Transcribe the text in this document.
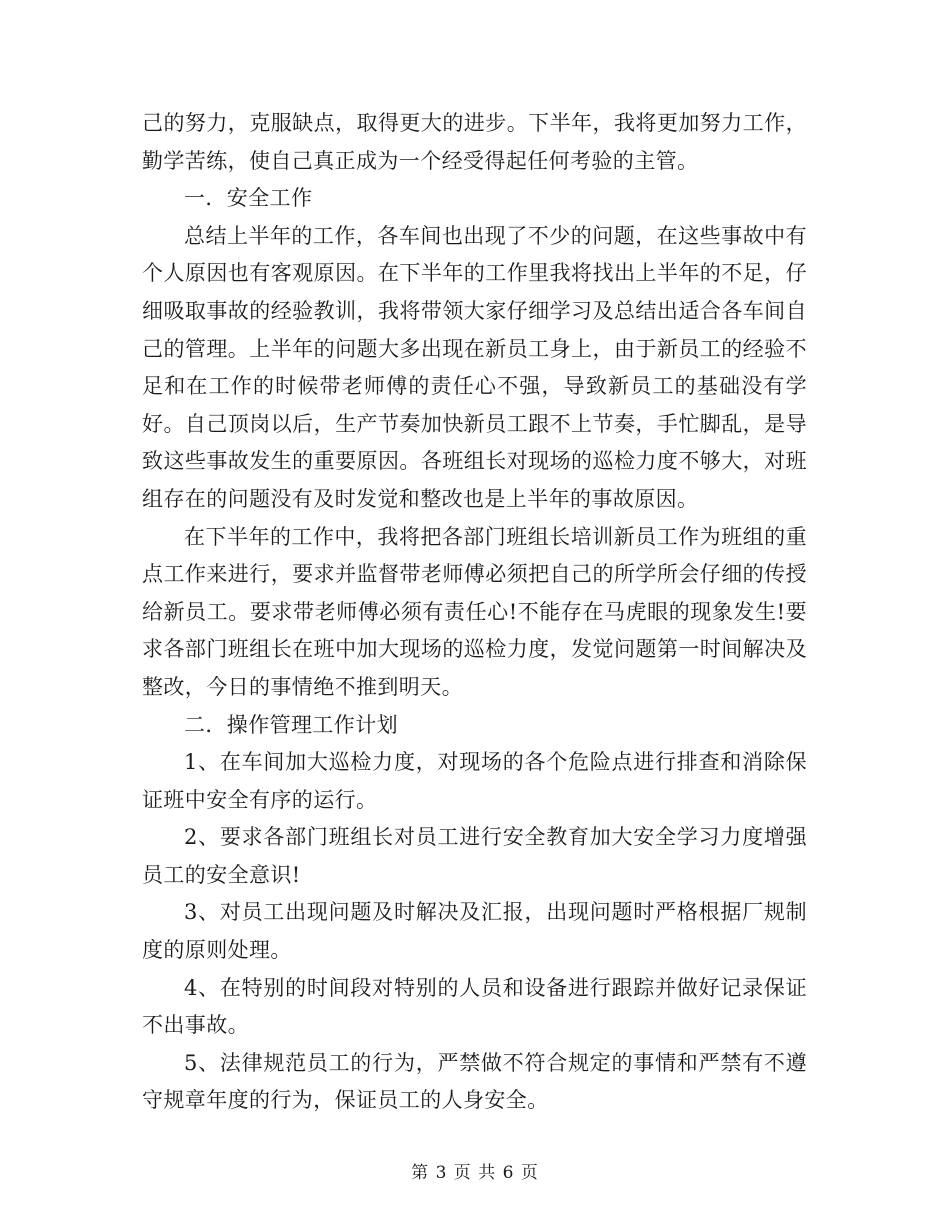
己的努力，克服缺点，取得更大的进步。下半年，我将更加努力工作，勤学苦练，使自己真正成为一个经受得起任何考验的主管。

一．安全工作

总结上半年的工作，各车间也出现了不少的问题，在这些事故中有个人原因也有客观原因。在下半年的工作里我将找出上半年的不足，仔细吸取事故的经验教训，我将带领大家仔细学习及总结出适合各车间自己的管理。上半年的问题大多出现在新员工身上，由于新员工的经验不足和在工作的时候带老师傅的责任心不强，导致新员工的基础没有学好。自己顶岗以后，生产节奏加快新员工跟不上节奏，手忙脚乱，是导致这些事故发生的重要原因。各班组长对现场的巡检力度不够大，对班组存在的问题没有及时发觉和整改也是上半年的事故原因。

在下半年的工作中，我将把各部门班组长培训新员工作为班组的重点工作来进行，要求并监督带老师傅必须把自己的所学所会仔细的传授给新员工。要求带老师傅必须有责任心!不能存在马虎眼的现象发生!要求各部门班组长在班中加大现场的巡检力度，发觉问题第一时间解决及整改，今日的事情绝不推到明天。

二．操作管理工作计划

1、在车间加大巡检力度，对现场的各个危险点进行排查和消除保证班中安全有序的运行。

2、要求各部门班组长对员工进行安全教育加大安全学习力度增强员工的安全意识!

3、对员工出现问题及时解决及汇报，出现问题时严格根据厂规制度的原则处理。

4、在特别的时间段对特别的人员和设备进行跟踪并做好记录保证不出事故。

5、法律规范员工的行为，严禁做不符合规定的事情和严禁有不遵守规章年度的行为，保证员工的人身安全。

第 3 页 共 6 页
